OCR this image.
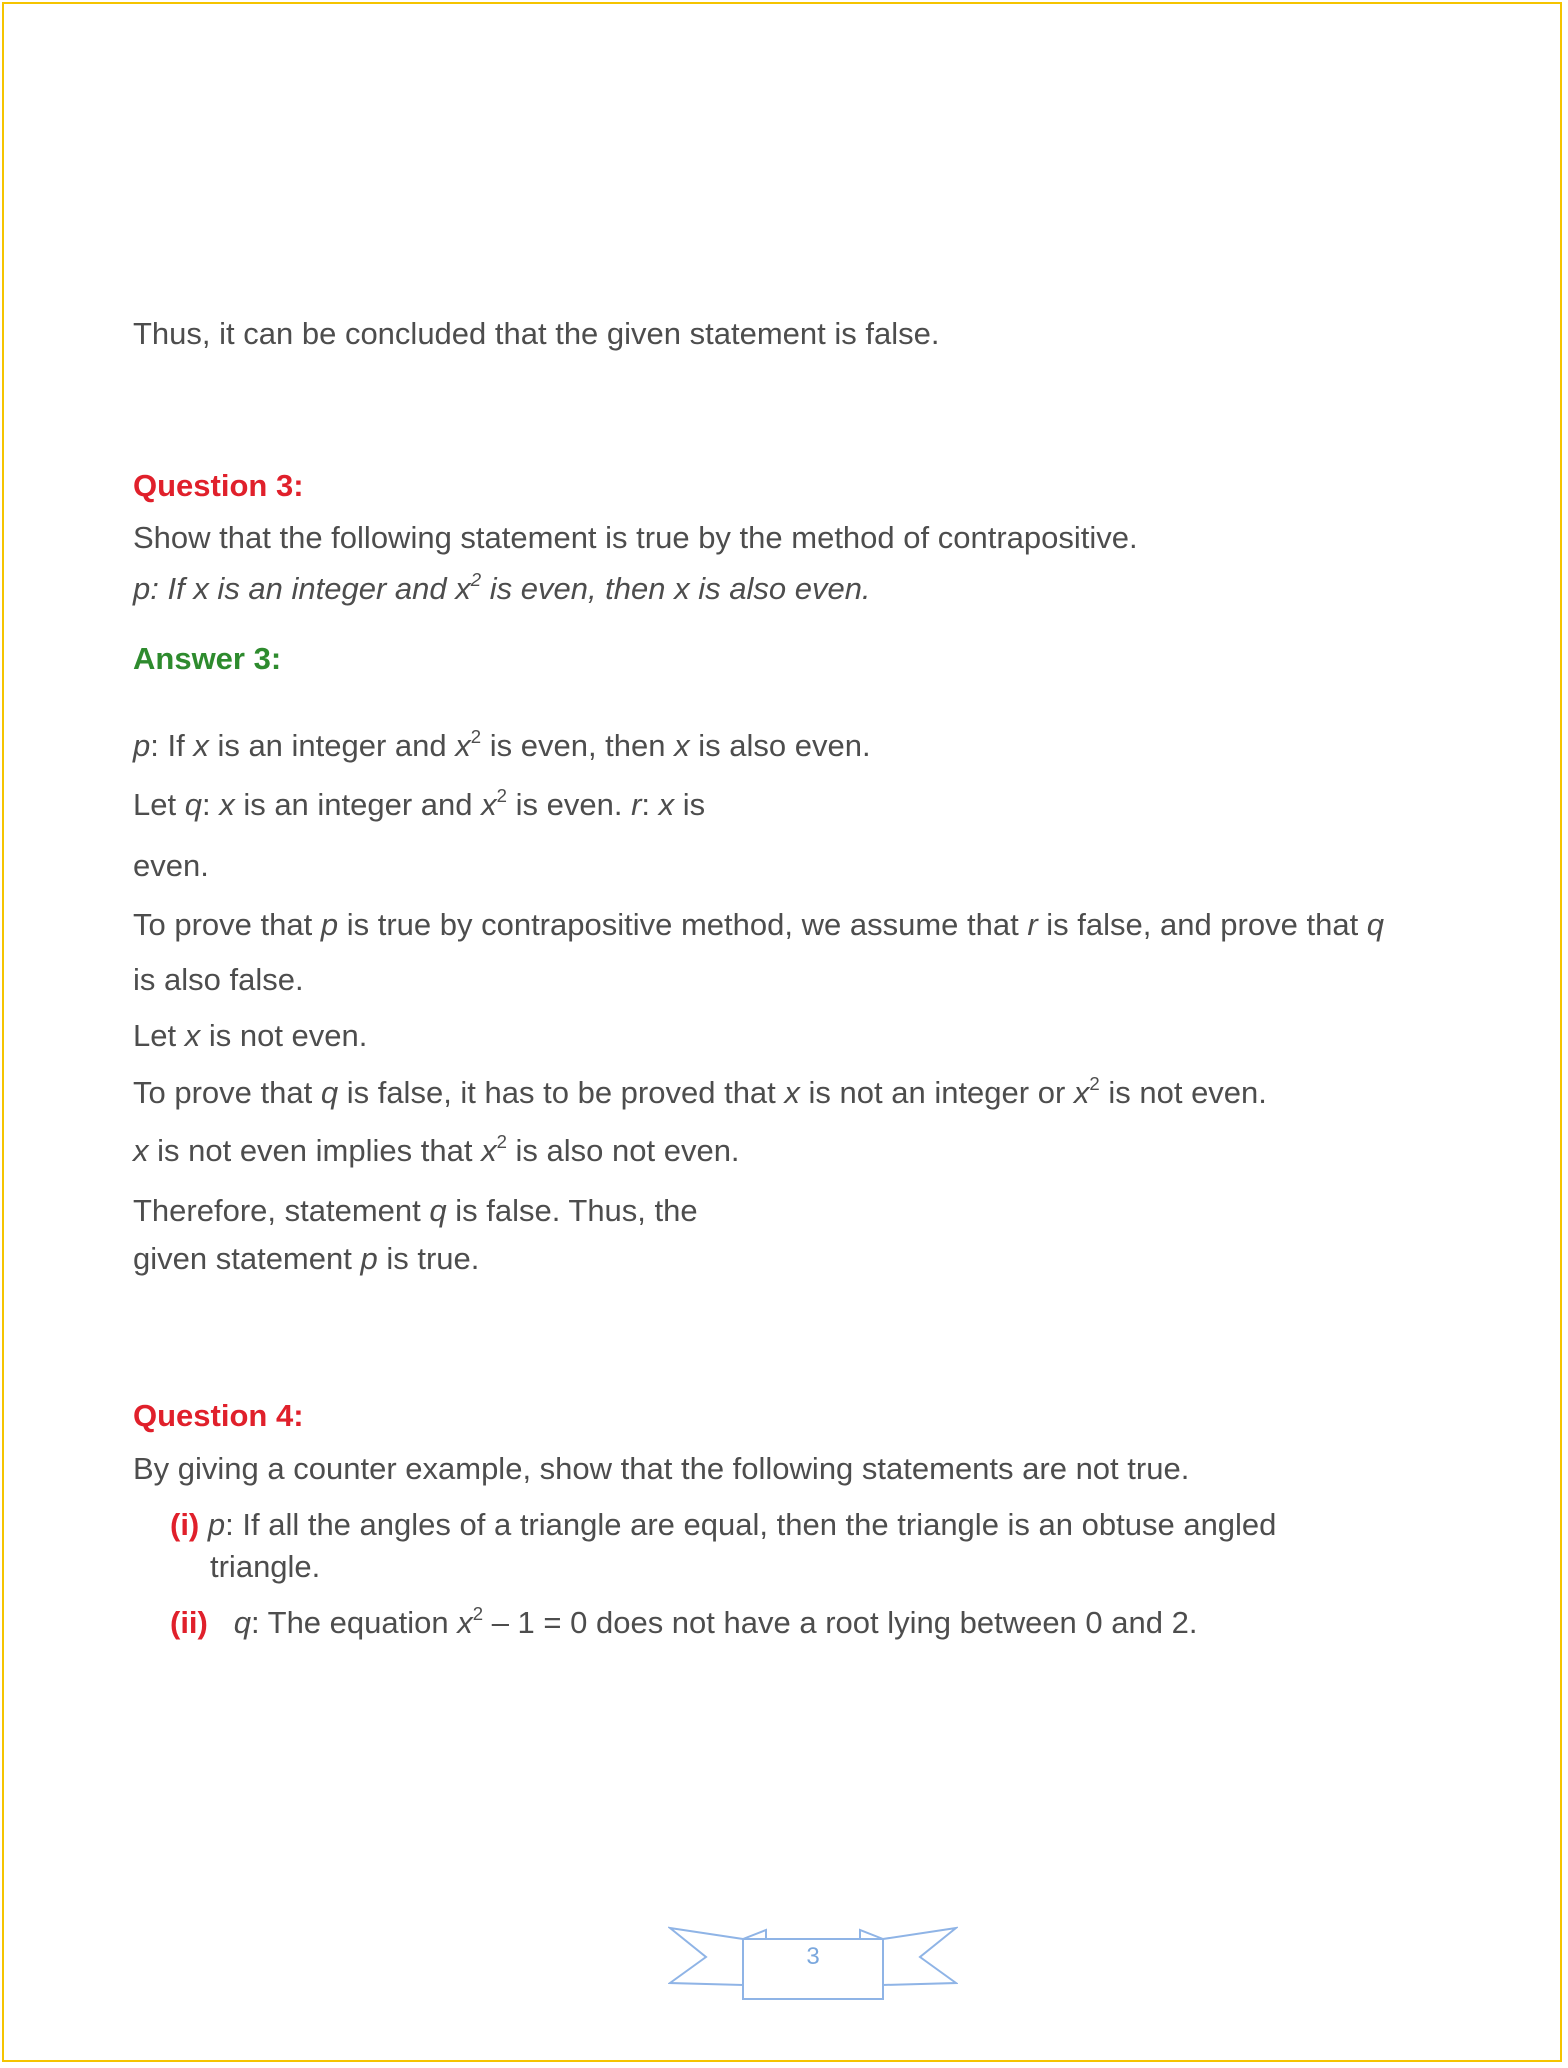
Thus, it can be concluded that the given statement is false.
Question 3:
Show that the following statement is true by the method of contrapositive.
p: If x is an integer and $x^2$ is even, then x is also even.
Answer 3:
p: If x is an integer and $x^2$ is even, then x is also even.
Let q: x is an integer and $x^2$ is even. r: x is
even.
To prove that p is true by contrapositive method, we assume that r is false, and prove that q
is also false.
Let x is not even.
To prove that q is false, it has to be proved that x is not an integer or $x^2$ is not even.
x is not even implies that $x^2$ is also not even.
Therefore, statement q is false. Thus, the
given statement p is true.
Question 4:
By giving a counter example, show that the following statements are not true.
(i) p: If all the angles of a triangle are equal, then the triangle is an obtuse angled
triangle.
(ii) q: The equation $x^2 - 1 = 0$ does not have a root lying between 0 and 2.
3
